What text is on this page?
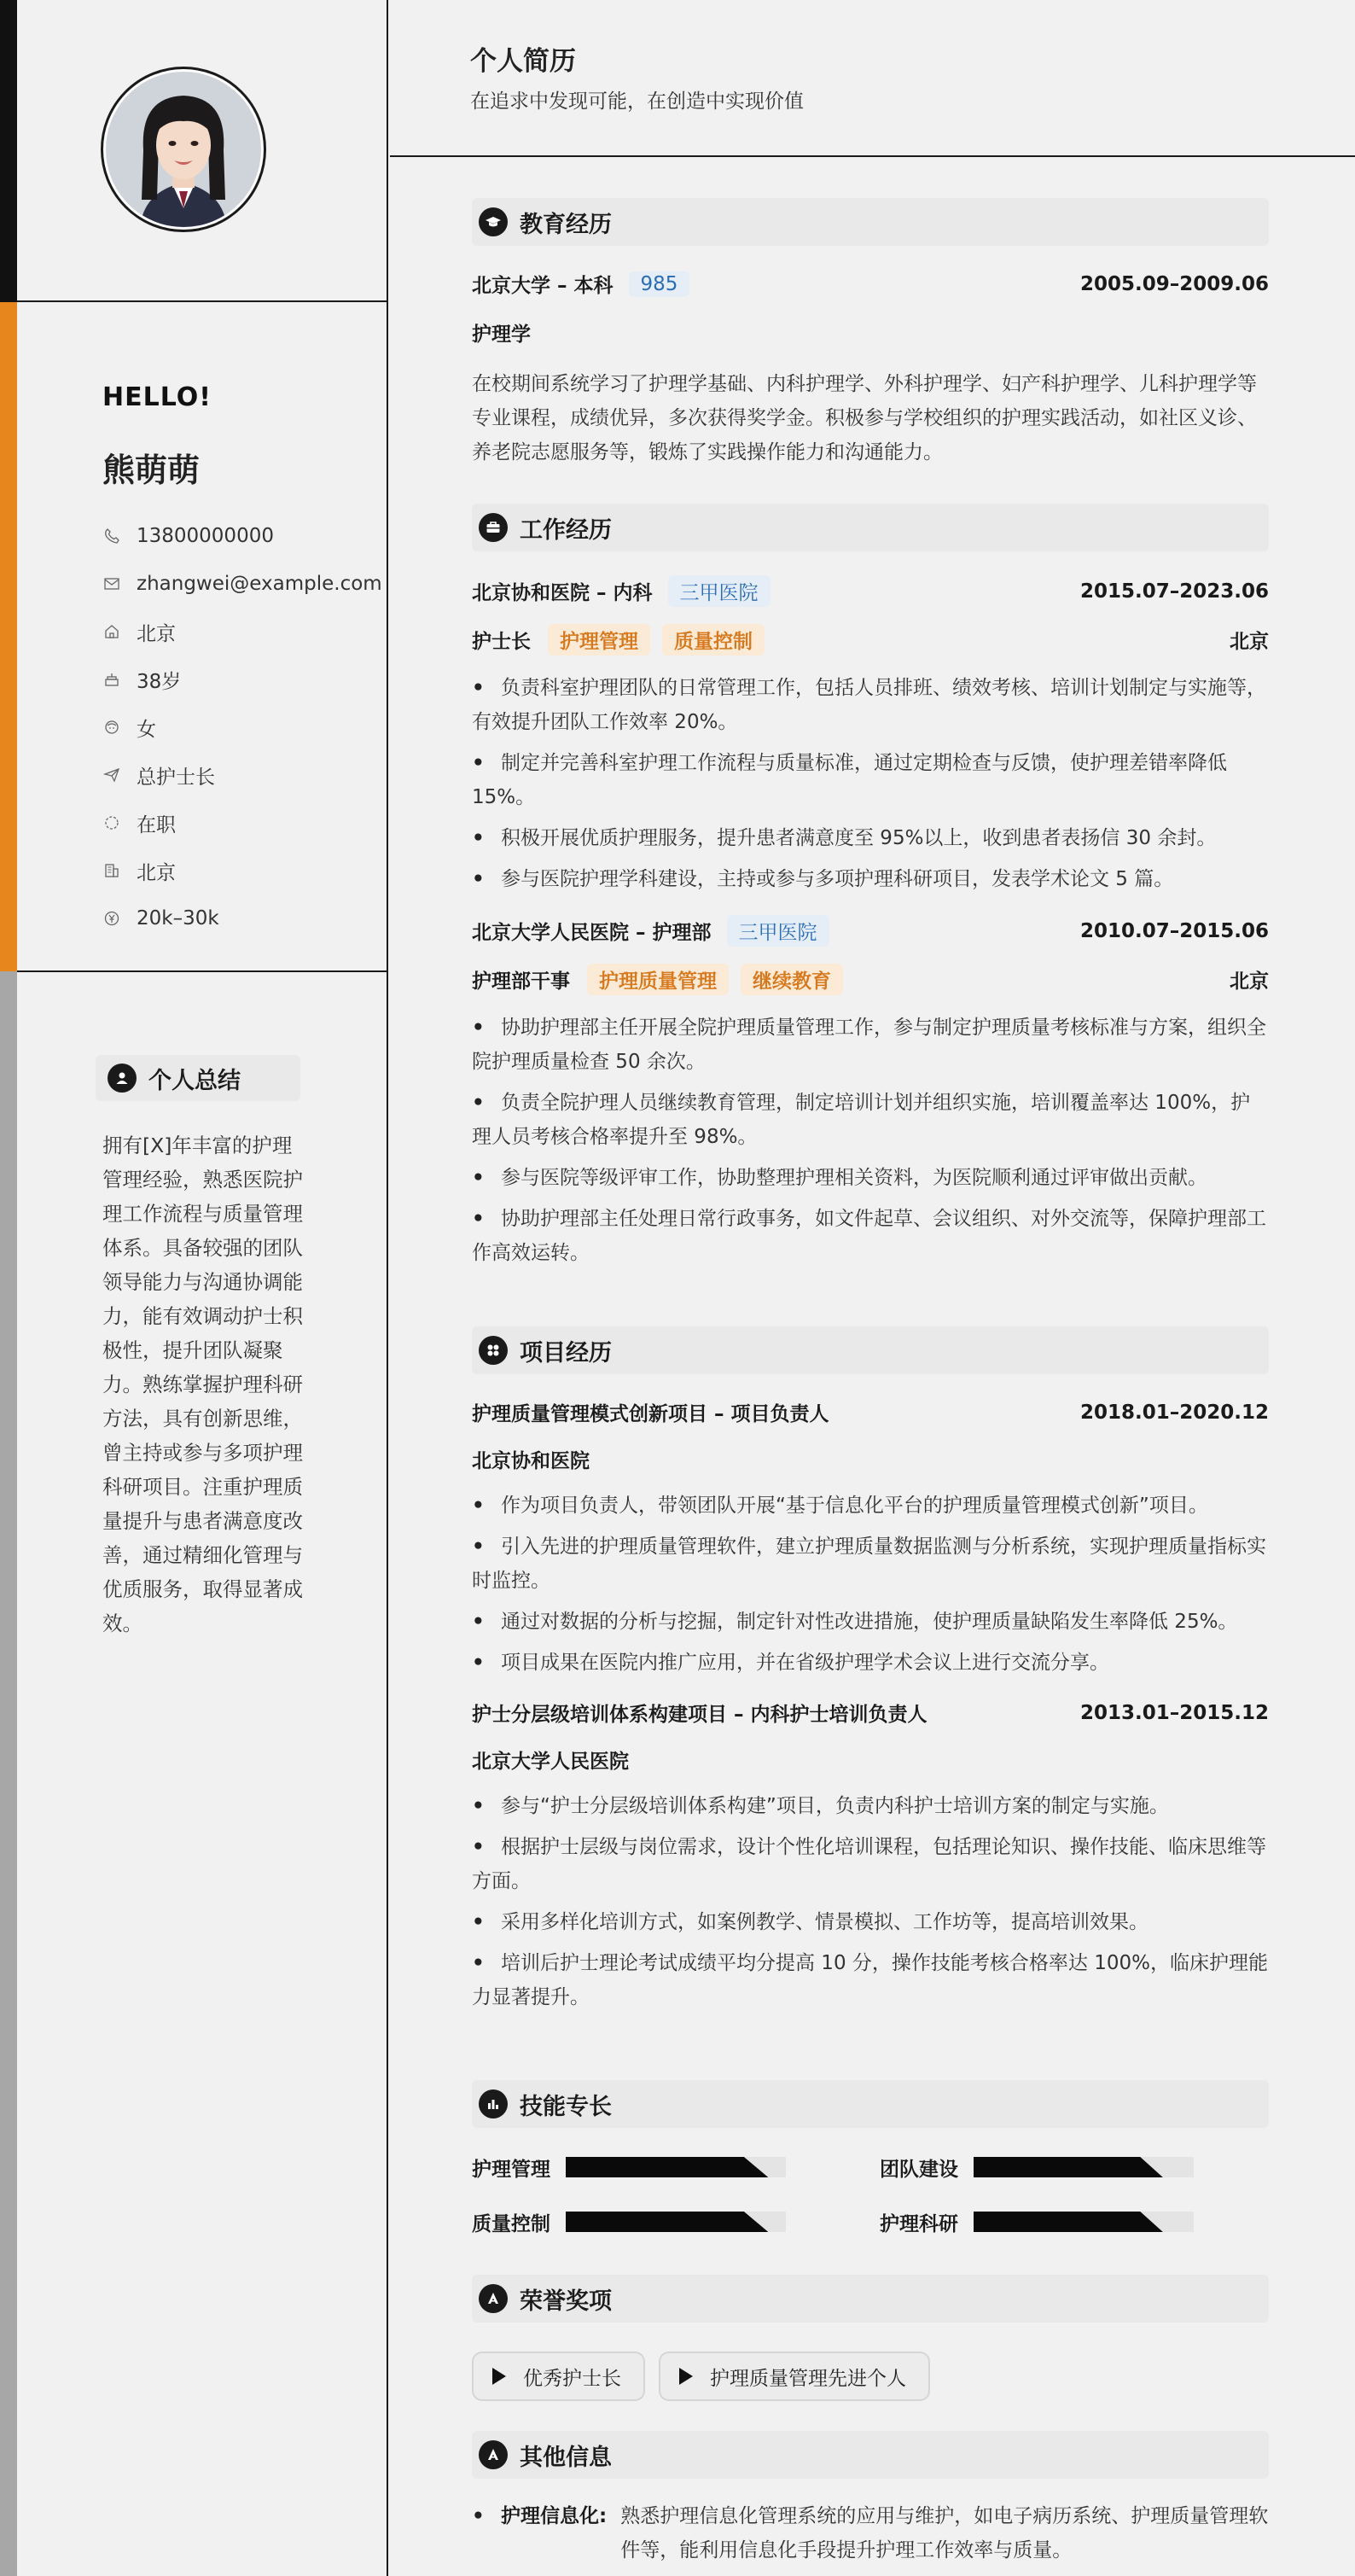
HELLO!
熊萌萌
13800000000
zhangwei@example.com
北京
38岁
女
总护士长
在职
北京
20k–30k
个人总结
拥有[X]年丰富的护理管理经验，熟悉医院护理工作流程与质量管理体系。具备较强的团队领导能力与沟通协调能力，能有效调动护士积极性，提升团队凝聚力。熟练掌握护理科研方法，具有创新思维，曾主持或参与多项护理科研项目。注重护理质量提升与患者满意度改善，通过精细化管理与优质服务，取得显著成效。
个人简历
在追求中发现可能，在创造中实现价值
教育经历
北京大学 – 本科	985	2005.09–2009.06
护理学
在校期间系统学习了护理学基础、内科护理学、外科护理学、妇产科护理学、儿科护理学等专业课程，成绩优异，多次获得奖学金。积极参与学校组织的护理实践活动，如社区义诊、养老院志愿服务等，锻炼了实践操作能力和沟通能力。
工作经历
北京协和医院 – 内科	三甲医院	2015.07–2023.06
护士长	护理管理	质量控制	北京
• 负责科室护理团队的日常管理工作，包括人员排班、绩效考核、培训计划制定与实施等，有效提升团队工作效率 20%。
• 制定并完善科室护理工作流程与质量标准，通过定期检查与反馈，使护理差错率降低 15%。
• 积极开展优质护理服务，提升患者满意度至 95%以上，收到患者表扬信 30 余封。
• 参与医院护理学科建设，主持或参与多项护理科研项目，发表学术论文 5 篇。
北京大学人民医院 – 护理部	三甲医院	2010.07–2015.06
护理部干事	护理质量管理	继续教育	北京
• 协助护理部主任开展全院护理质量管理工作，参与制定护理质量考核标准与方案，组织全院护理质量检查 50 余次。
• 负责全院护理人员继续教育管理，制定培训计划并组织实施，培训覆盖率达 100%，护理人员考核合格率提升至 98%。
• 参与医院等级评审工作，协助整理护理相关资料，为医院顺利通过评审做出贡献。
• 协助护理部主任处理日常行政事务，如文件起草、会议组织、对外交流等，保障护理部工作高效运转。
项目经历
护理质量管理模式创新项目 – 项目负责人	2018.01–2020.12
北京协和医院
• 作为项目负责人，带领团队开展“基于信息化平台的护理质量管理模式创新”项目。
• 引入先进的护理质量管理软件，建立护理质量数据监测与分析系统，实现护理质量指标实时监控。
• 通过对数据的分析与挖掘，制定针对性改进措施，使护理质量缺陷发生率降低 25%。
• 项目成果在医院内推广应用，并在省级护理学术会议上进行交流分享。
护士分层级培训体系构建项目 – 内科护士培训负责人	2013.01–2015.12
北京大学人民医院
• 参与“护士分层级培训体系构建”项目，负责内科护士培训方案的制定与实施。
• 根据护士层级与岗位需求，设计个性化培训课程，包括理论知识、操作技能、临床思维等方面。
• 采用多样化培训方式，如案例教学、情景模拟、工作坊等，提高培训效果。
• 培训后护士理论考试成绩平均分提高 10 分，操作技能考核合格率达 100%，临床护理能力显著提升。
技能专长
护理管理	团队建设
质量控制	护理科研
荣誉奖项
优秀护士长	护理质量管理先进个人
其他信息
• 护理信息化: 熟悉护理信息化管理系统的应用与维护，如电子病历系统、护理质量管理软件等，能利用信息化手段提升护理工作效率与质量。
